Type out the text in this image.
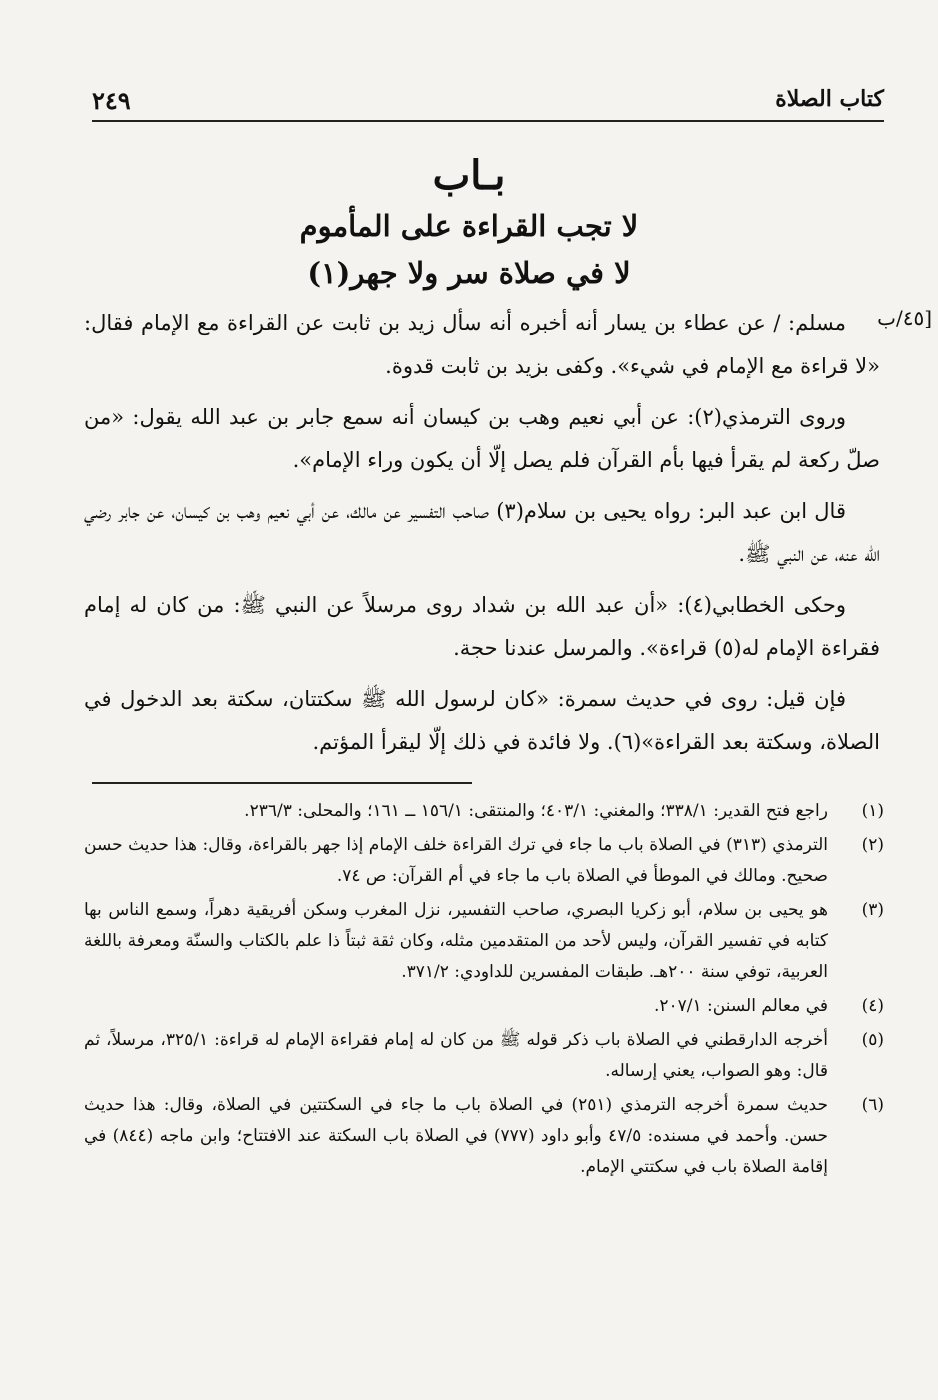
كتاب الصلاة
٢٤٩
[٤٥/ب
بـاب
لا تجب القراءة على المأموم
لا في صلاة سر ولا جهر(١)

مسلم: / عن عطاء بن يسار أنه أخبره أنه سأل زيد بن ثابت عن القراءة مع الإمام فقال: «لا قراءة مع الإمام في شيء». وكفى بزيد بن ثابت قدوة.

وروى الترمذي(٢): عن أبي نعيم وهب بن كيسان أنه سمع جابر بن عبد الله يقول: «من صلّ ركعة لم يقرأ فيها بأم القرآن فلم يصل إلّا أن يكون وراء الإمام».

قال ابن عبد البر: رواه يحيى بن سلام(٣) صاحب التفسير عن مالك، عن أبي نعيم وهب بن كيسان، عن جابر رضي الله عنه، عن النبي ﷺ.

وحكى الخطابي(٤): «أن عبد الله بن شداد روى مرسلاً عن النبي ﷺ: من كان له إمام فقراءة الإمام له(٥) قراءة». والمرسل عندنا حجة.

فإن قيل: روى في حديث سمرة: «كان لرسول الله ﷺ سكتتان، سكتة بعد الدخول في الصلاة، وسكتة بعد القراءة»(٦). ولا فائدة في ذلك إلّا ليقرأ المؤتم.

(١)
راجع فتح القدير: ٣٣٨/١؛ والمغني: ٤٠٣/١؛ والمنتقى: ١٥٦/١ ــ ١٦١؛ والمحلى: ٢٣٦/٣.
(٢)
الترمذي (٣١٣) في الصلاة باب ما جاء في ترك القراءة خلف الإمام إذا جهر بالقراءة، وقال: هذا حديث حسن صحيح. ومالك في الموطأ في الصلاة باب ما جاء في أم القرآن: ص ٧٤.
(٣)
هو يحيى بن سلام، أبو زكريا البصري، صاحب التفسير، نزل المغرب وسكن أفريقية دهراً، وسمع الناس بها كتابه في تفسير القرآن، وليس لأحد من المتقدمين مثله، وكان ثقة ثبتاً ذا علم بالكتاب والسنّة ومعرفة باللغة العربية، توفي سنة ٢٠٠هـ. طبقات المفسرين للداودي: ٣٧١/٢.
(٤)
في معالم السنن: ٢٠٧/١.
(٥)
أخرجه الدارقطني في الصلاة باب ذكر قوله ﷺ من كان له إمام فقراءة الإمام له قراءة: ٣٢٥/١، مرسلاً، ثم قال: وهو الصواب، يعني إرساله.
(٦)
حديث سمرة أخرجه الترمذي (٢٥١) في الصلاة باب ما جاء في السكتتين في الصلاة، وقال: هذا حديث حسن. وأحمد في مسنده: ٤٧/٥ وأبو داود (٧٧٧) في الصلاة باب السكتة عند الافتتاح؛ وابن ماجه (٨٤٤) في إقامة الصلاة باب في سكتتي الإمام.
